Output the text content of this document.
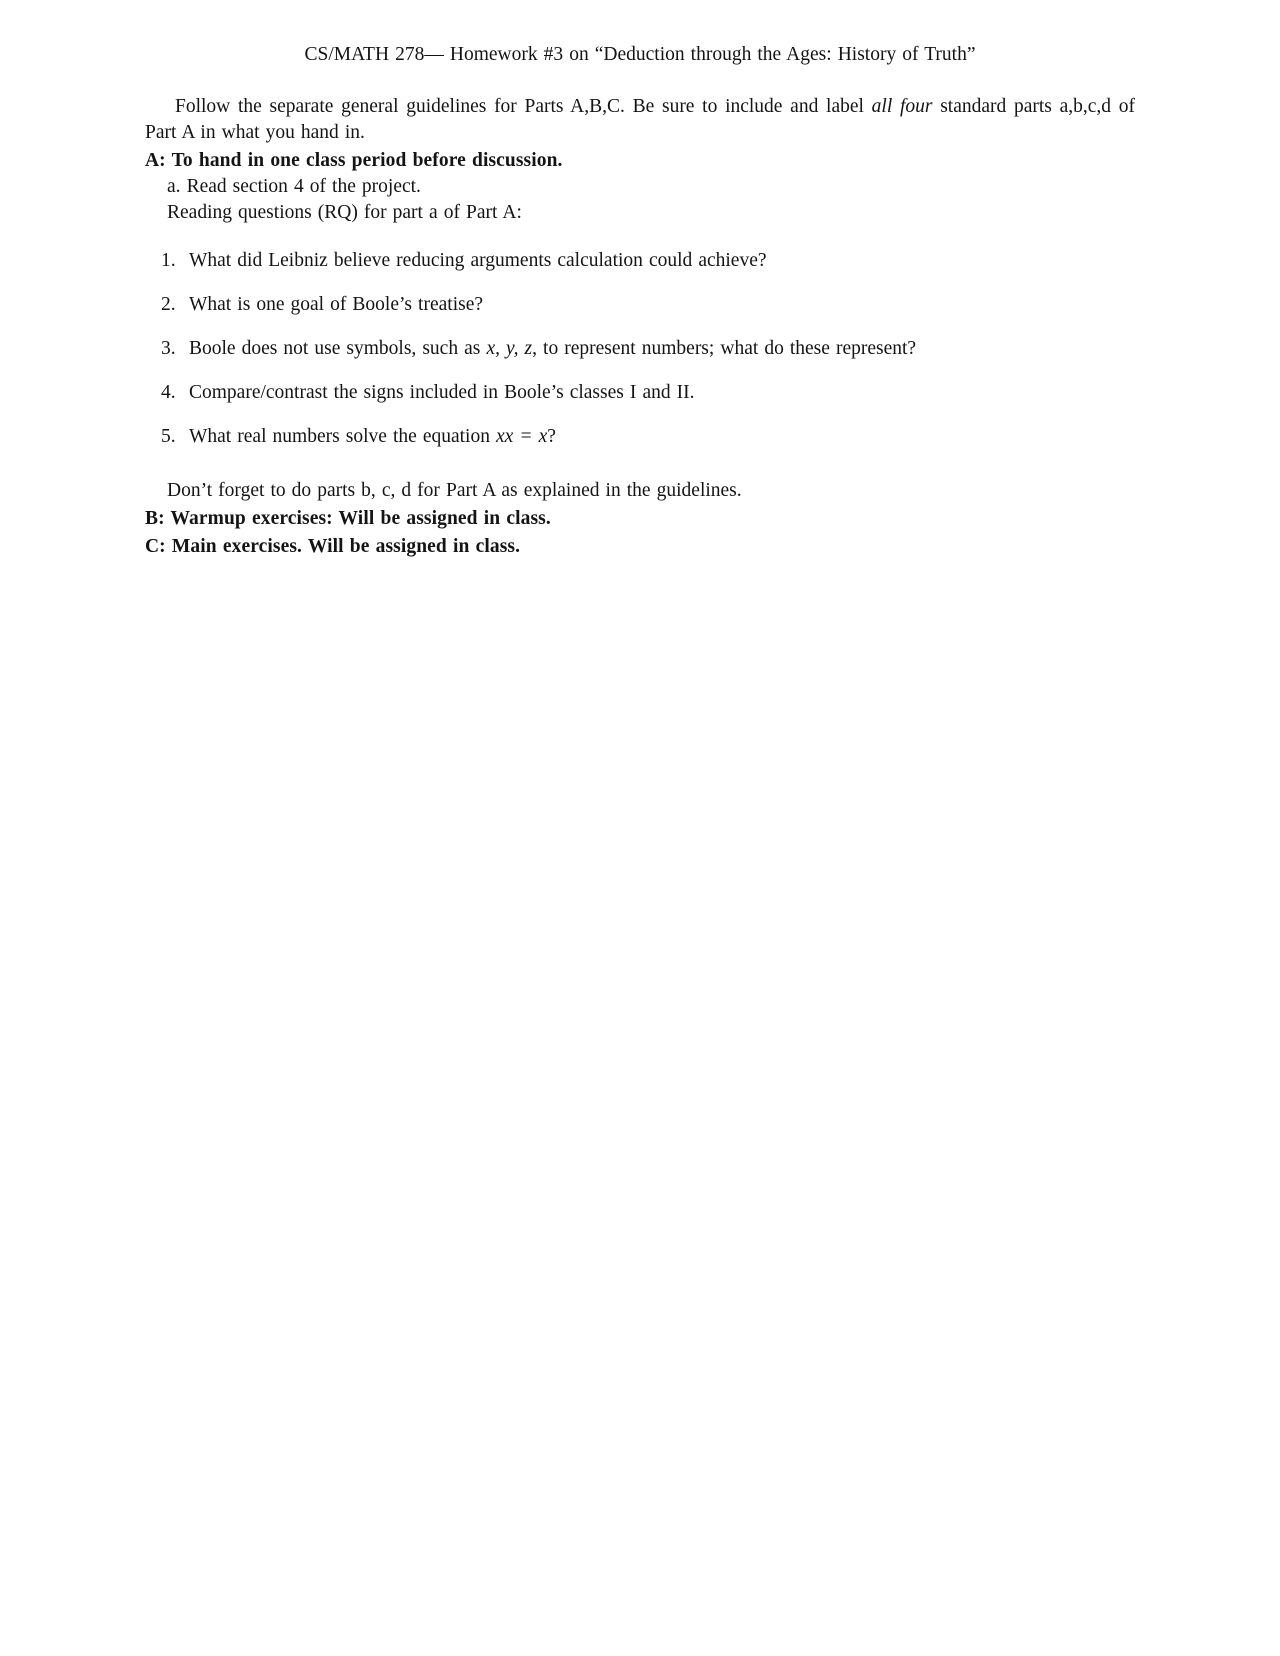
CS/MATH 278— Homework #3 on “Deduction through the Ages: History of Truth”

Follow the separate general guidelines for Parts A,B,C. Be sure to include and label all four standard parts a,b,c,d of Part A in what you hand in.

A: To hand in one class period before discussion.
a. Read section 4 of the project.
Reading questions (RQ) for part a of Part A:
1. What did Leibniz believe reducing arguments calculation could achieve?
2. What is one goal of Boole’s treatise?
3. Boole does not use symbols, such as x, y, z, to represent numbers; what do these represent?
4. Compare/contrast the signs included in Boole’s classes I and II.
5. What real numbers solve the equation xx = x?
Don’t forget to do parts b, c, d for Part A as explained in the guidelines.
B: Warmup exercises: Will be assigned in class.
C: Main exercises. Will be assigned in class.
